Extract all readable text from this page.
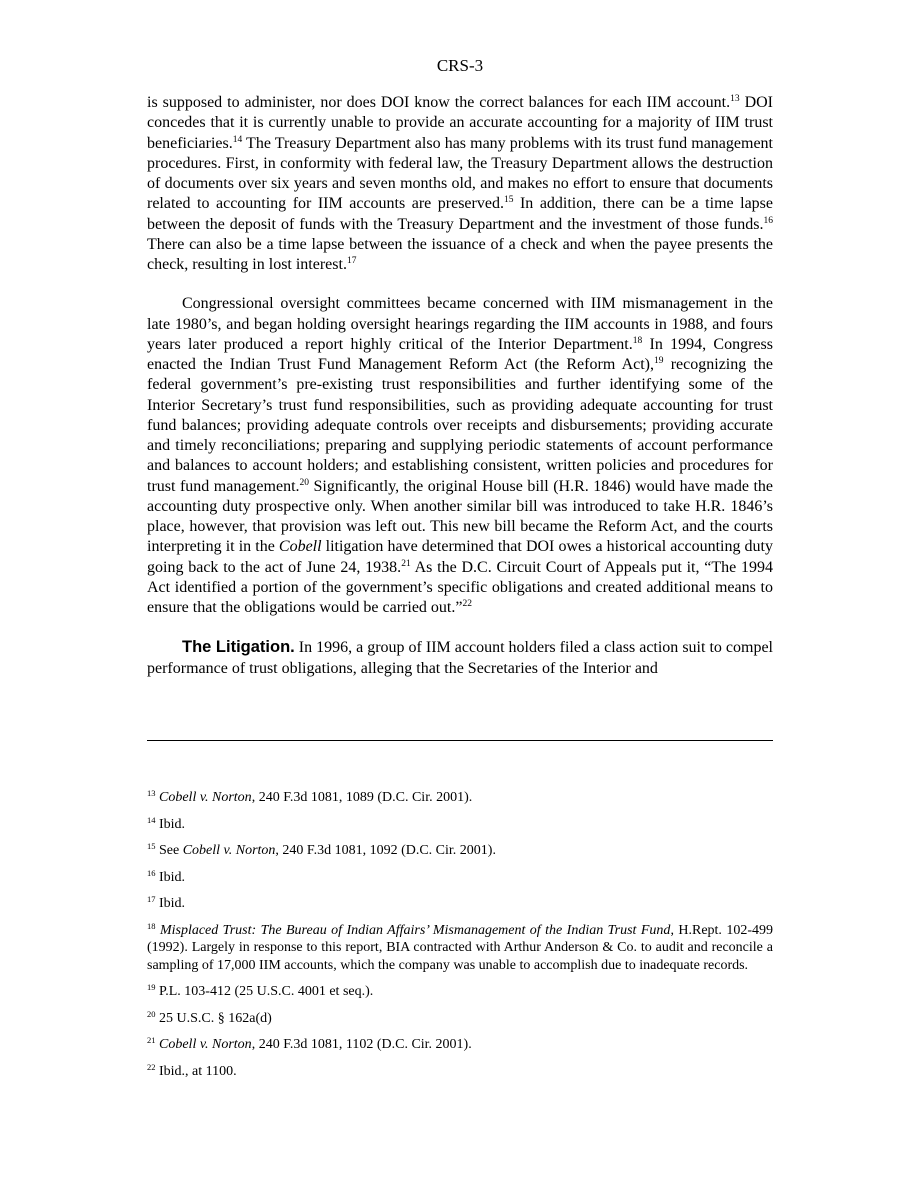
CRS-3

is supposed to administer, nor does DOI know the correct balances for each IIM account.$^{13}$ DOI concedes that it is currently unable to provide an accurate accounting for a majority of IIM trust beneficiaries.$^{14}$ The Treasury Department also has many problems with its trust fund management procedures. First, in conformity with federal law, the Treasury Department allows the destruction of documents over six years and seven months old, and makes no effort to ensure that documents related to accounting for IIM accounts are preserved.$^{15}$ In addition, there can be a time lapse between the deposit of funds with the Treasury Department and the investment of those funds.$^{16}$ There can also be a time lapse between the issuance of a check and when the payee presents the check, resulting in lost interest.$^{17}$

Congressional oversight committees became concerned with IIM mismanagement in the late 1980’s, and began holding oversight hearings regarding the IIM accounts in 1988, and fours years later produced a report highly critical of the Interior Department.$^{18}$ In 1994, Congress enacted the Indian Trust Fund Management Reform Act (the Reform Act),$^{19}$ recognizing the federal government’s pre-existing trust responsibilities and further identifying some of the Interior Secretary’s trust fund responsibilities, such as providing adequate accounting for trust fund balances; providing adequate controls over receipts and disbursements; providing accurate and timely reconciliations; preparing and supplying periodic statements of account performance and balances to account holders; and establishing consistent, written policies and procedures for trust fund management.$^{20}$ Significantly, the original House bill (H.R. 1846) would have made the accounting duty prospective only. When another similar bill was introduced to take H.R. 1846’s place, however, that provision was left out. This new bill became the Reform Act, and the courts interpreting it in the Cobell litigation have determined that DOI owes a historical accounting duty going back to the act of June 24, 1938.21 As the D.C. Circuit Court of Appeals put it, “The 1994 Act identified a portion of the government’s specific obligations and created additional means to ensure that the obligations would be carried out.”$^{22}$

The Litigation. In 1996, a group of IIM account holders filed a class action suit to compel performance of trust obligations, alleging that the Secretaries of the Interior and

$^{13}$ Cobell v. Norton, 240 F.3d 1081, 1089 (D.C. Cir. 2001).

$^{14}$ Ibid.

$^{15}$ See Cobell v. Norton, 240 F.3d 1081, 1092 (D.C. Cir. 2001).

$^{16}$ Ibid.

$^{17}$ Ibid.

$^{18}$ Misplaced Trust: The Bureau of Indian Affairs’ Mismanagement of the Indian Trust Fund, H.Rept. 102-499 (1992). Largely in response to this report, BIA contracted with Arthur Anderson & Co. to audit and reconcile a sampling of 17,000 IIM accounts, which the company was unable to accomplish due to inadequate records.

$^{19}$ P.L. 103-412 (25 U.S.C. 4001 et seq.).

$^{20}$ 25 U.S.C. § 162a(d)

$^{21}$ Cobell v. Norton, 240 F.3d 1081, 1102 (D.C. Cir. 2001).

$^{22}$ Ibid., at 1100.
